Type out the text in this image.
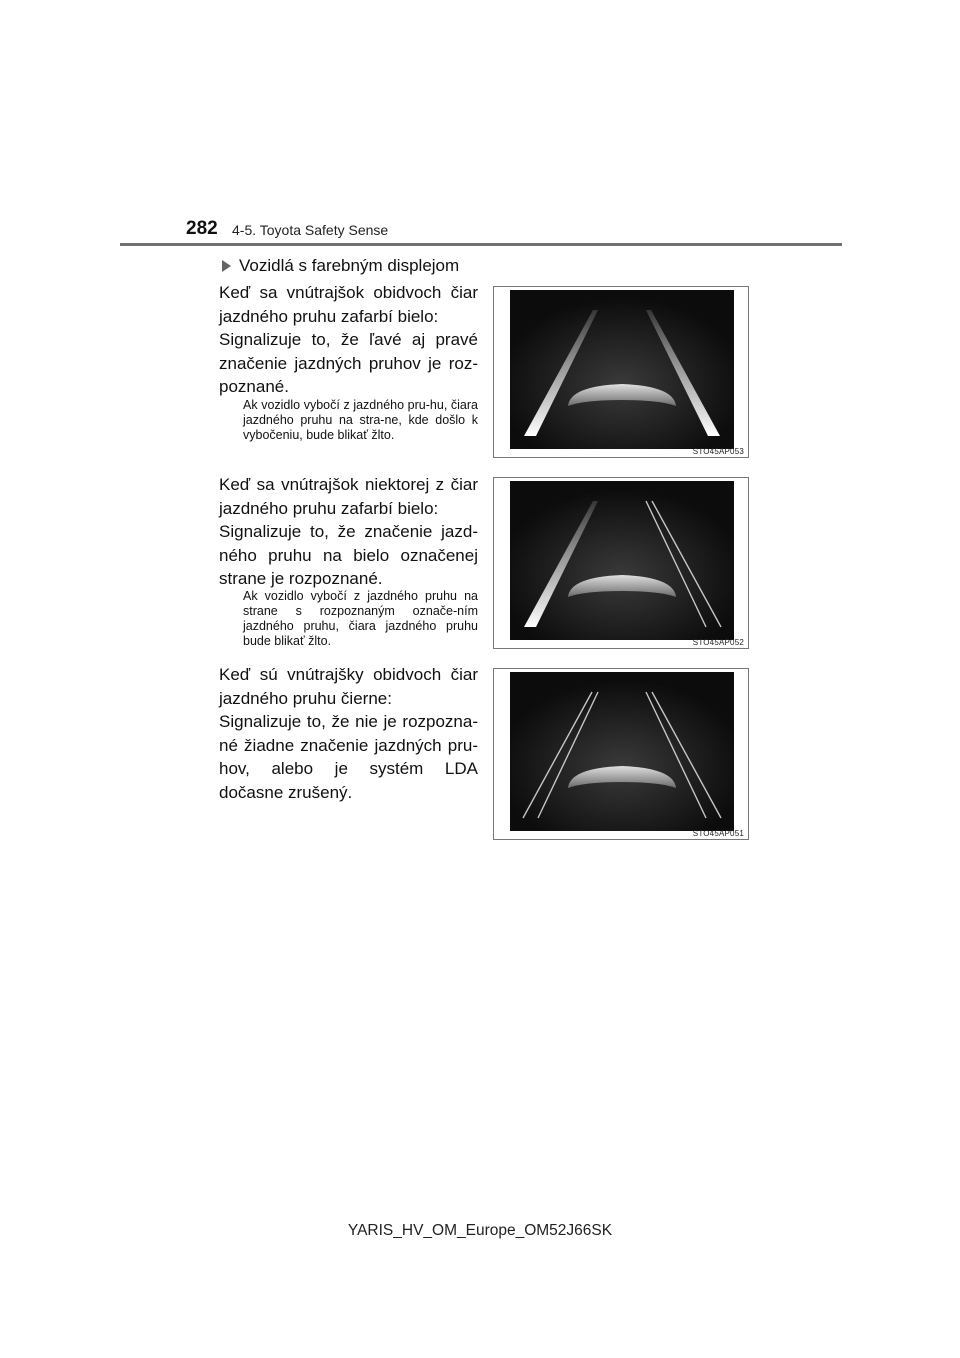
282 4-5. Toyota Safety Sense
Vozidlá s farebným displejom

Keď sa vnútrajšok obidvoch čiar jazdného pruhu zafarbí bielo:

Signalizuje to, že ľavé aj pravé značenie jazdných pruhov je roz-poznané.

Ak vozidlo vybočí z jazdného pru-hu, čiara jazdného pruhu na stra-ne, kde došlo k vybočeniu, bude blikať žlto.

Keď sa vnútrajšok niektorej z čiar jazdného pruhu zafarbí bielo:

Signalizuje to, že značenie jazd-ného pruhu na bielo označenej strane je rozpoznané.

Ak vozidlo vybočí z jazdného pruhu na strane s rozpoznaným označe-ním jazdného pruhu, čiara jazdného pruhu bude blikať žlto.

Keď sú vnútrajšky obidvoch čiar jazdného pruhu čierne:

Signalizuje to, že nie je rozpozna-né žiadne značenie jazdných pru-hov, alebo je systém LDA dočasne zrušený.

STO45AP053
STO45AP052
STO45AP051
YARIS_HV_OM_Europe_OM52J66SK
